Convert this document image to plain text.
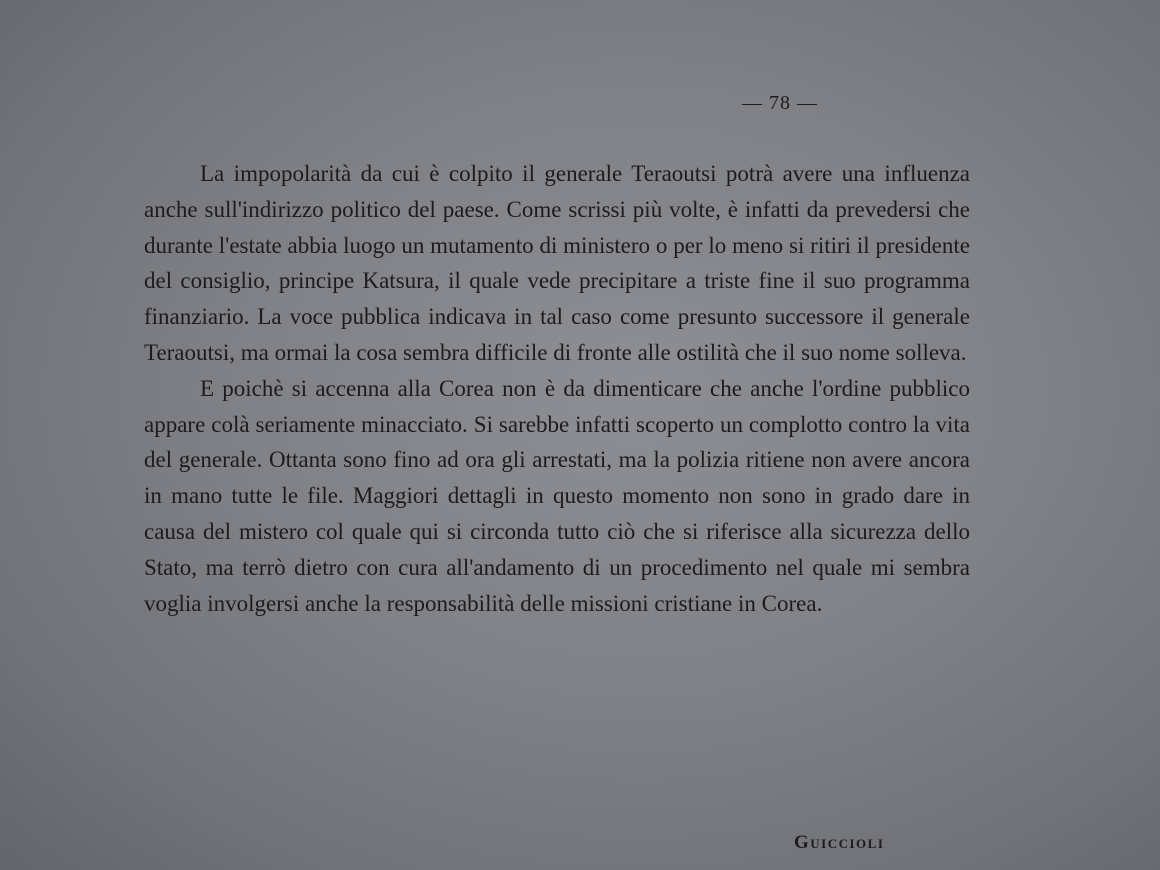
— 78 —

La impopolarità da cui è colpito il generale Teraoutsi potrà avere una influenza anche sull'indirizzo politico del paese. Come scrissi più volte, è infatti da prevedersi che durante l'estate abbia luogo un mutamento di ministero o per lo meno si ritiri il presidente del consiglio, principe Katsura, il quale vede precipitare a triste fine il suo programma finanziario. La voce pubblica indicava in tal caso come presunto successore il generale Teraoutsi, ma ormai la cosa sembra difficile di fronte alle ostilità che il suo nome solleva.

E poichè si accenna alla Corea non è da dimenticare che anche l'ordine pubblico appare colà seriamente minacciato. Si sarebbe infatti scoperto un complotto contro la vita del generale. Ottanta sono fino ad ora gli arrestati, ma la polizia ritiene non avere ancora in mano tutte le file. Maggiori dettagli in questo momento non sono in grado dare in causa del mistero col quale qui si circonda tutto ciò che si riferisce alla sicurezza dello Stato, ma terrò dietro con cura all'andamento di un procedimento nel quale mi sembra voglia involgersi anche la responsabilità delle missioni cristiane in Corea.

Guiccioli
